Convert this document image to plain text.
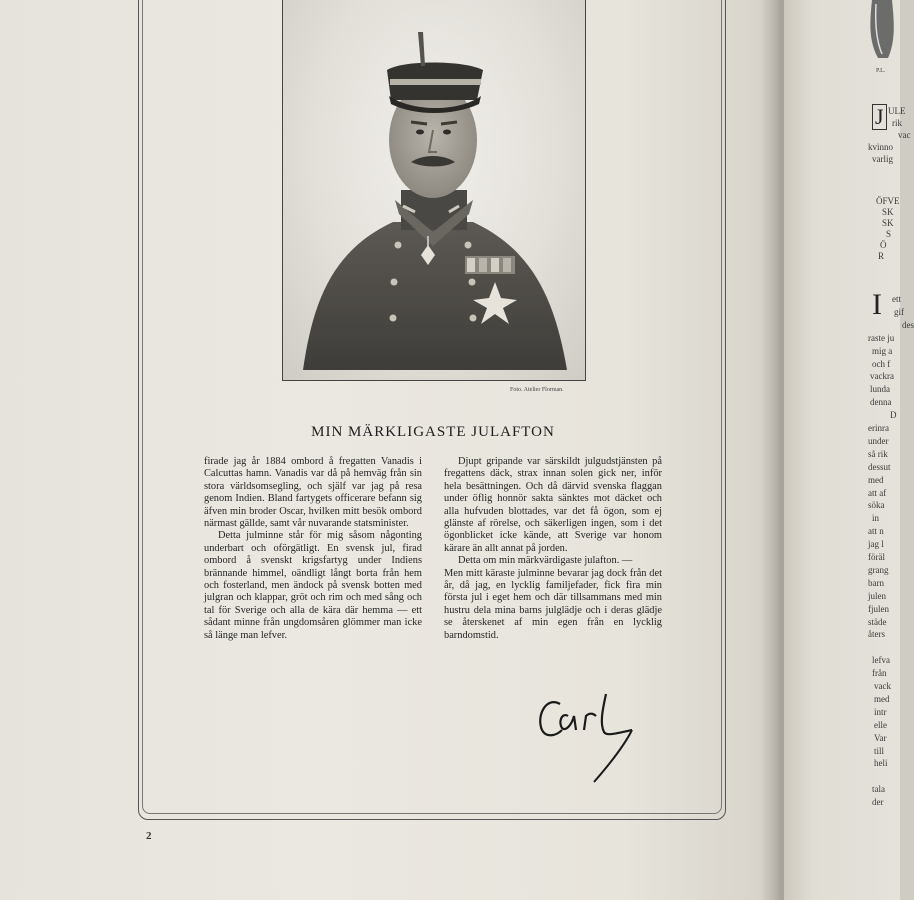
P.L.
J ULE
rik
vac
kvinno
varlig
ÖFVE
SK
SK
S
Ö
R
I ett
gif
des
raste ju
mig a
och f
vackra
lunda
denna
D
erinra
under
så rik
dessut
med
att af
söka
in
att n
jag l
föräl
grang
barn
julen
fjulen
städe
åters
lefva
från
vack
med
intr
elle
Var
till
heli
tala
der
Foto. Atelier Florman.
MIN MÄRKLIGASTE JULAFTON

firade jag år 1884 ombord å fregatten Vanadis i Calcuttas hamn. Vanadis var då på hemväg från sin stora världsomsegling, och själf var jag på resa genom Indien. Bland fartygets officerare befann sig äfven min broder Oscar, hvilken mitt besök ombord närmast gällde, samt vår nuvarande statsminister.

Detta julminne står för mig såsom någonting underbart och oförgätligt. En svensk jul, firad ombord å svenskt krigsfartyg under Indiens brännande himmel, oändligt långt borta från hem och fosterland, men ändock på svensk botten med julgran och klappar, gröt och rim och med sång och tal för Sverige och alla de kära där hemma — ett sådant minne från ungdomsåren glömmer man icke så länge man lefver.

Djupt gripande var särskildt julgudstjänsten på fregattens däck, strax innan solen gick ner, inför hela besättningen. Och då därvid svenska flaggan under öflig honnör sakta sänktes mot däcket och alla hufvuden blottades, var det få ögon, som ej glänste af rörelse, och säkerligen ingen, som i det ögonblicket icke kände, att Sverige var honom kärare än allt annat på jorden.

Detta om min märkvärdigaste julafton. —

Men mitt käraste julminne bevarar jag dock från det år, då jag, en lycklig familjefader, fick fira min första jul i eget hem och där tillsammans med min hustru dela mina barns julglädje och i deras glädje se återskenet af min egen från en lycklig barndomstid.

2
